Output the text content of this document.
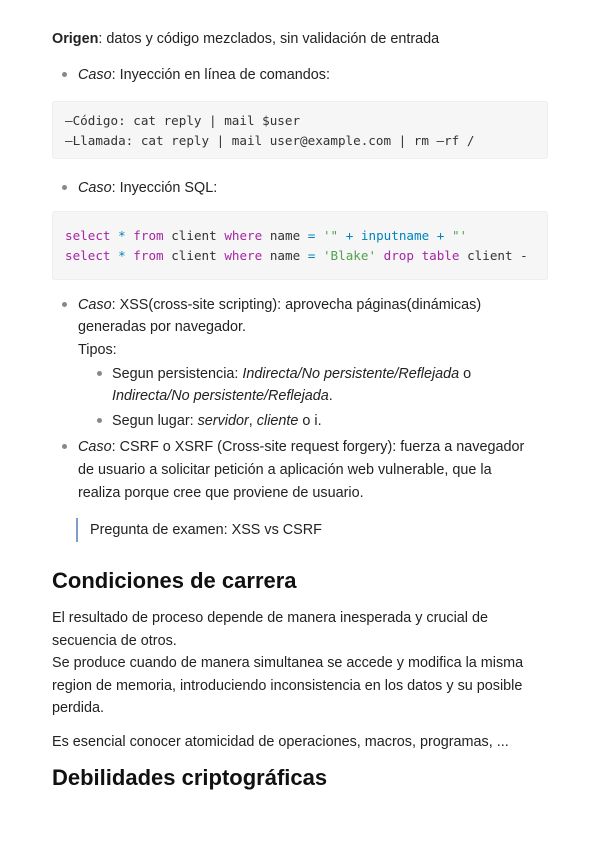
Origen: datos y código mezclados, sin validación de entrada

Caso: Inyección en línea de comandos:

—Código: cat reply | mail $user
—Llamada: cat reply | mail user@example.com | rm —rf /

Caso: Inyección SQL:

select * from client where name = '" + inputname + "'
select * from client where name = 'Blake' drop table client -

Caso: XSS(cross-site scripting): aprovecha páginas(dinámicas)

generadas por navegador.

Tipos:

Segun persistencia: Indirecta/No persistente/Reflejada o

Indirecta/No persistente/Reflejada.

Segun lugar: servidor, cliente o i.

Caso: CSRF o XSRF (Cross-site request forgery): fuerza a navegador

de usuario a solicitar petición a aplicación web vulnerable, que la

realiza porque cree que proviene de usuario.

Pregunta de examen: XSS vs CSRF
Condiciones de carrera

El resultado de proceso depende de manera inesperada y crucial de

secuencia de otros.

Se produce cuando de manera simultanea se accede y modifica la misma

region de memoria, introduciendo inconsistencia en los datos y su posible

perdida.

Es esencial conocer atomicidad de operaciones, macros, programas, ...

Debilidades criptográficas
